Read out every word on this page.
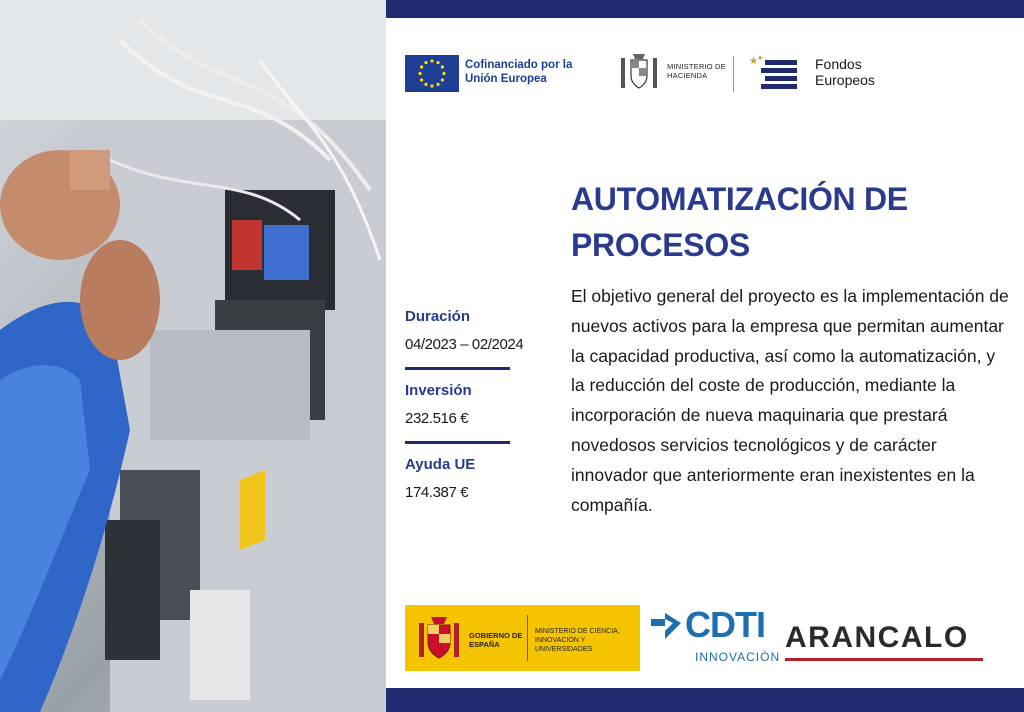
Cofinanciado por la Unión Europea
MINISTERIO DE HACIENDA
★ ★	Fondos Europeos
AUTOMATIZACIÓN DE PROCESOS

El objetivo general del proyecto es la implementación de nuevos activos para la empresa que permitan aumentar la capacidad productiva, así como la automatización, y la reducción del coste de producción, mediante la incorporación de nueva maquinaria que prestará novedosos servicios tecnológicos y de carácter innovador que anteriormente eran inexistentes en la compañía.

Duración
04/2023 – 02/2024
Inversión
232.516 €
Ayuda UE
174.387 €
GOBIERNO DE ESPAÑA
MINISTERIO DE CIENCIA, INNOVACIÓN Y UNIVERSIDADES
CDTI
INNOVACIÓN
ARANCALO
